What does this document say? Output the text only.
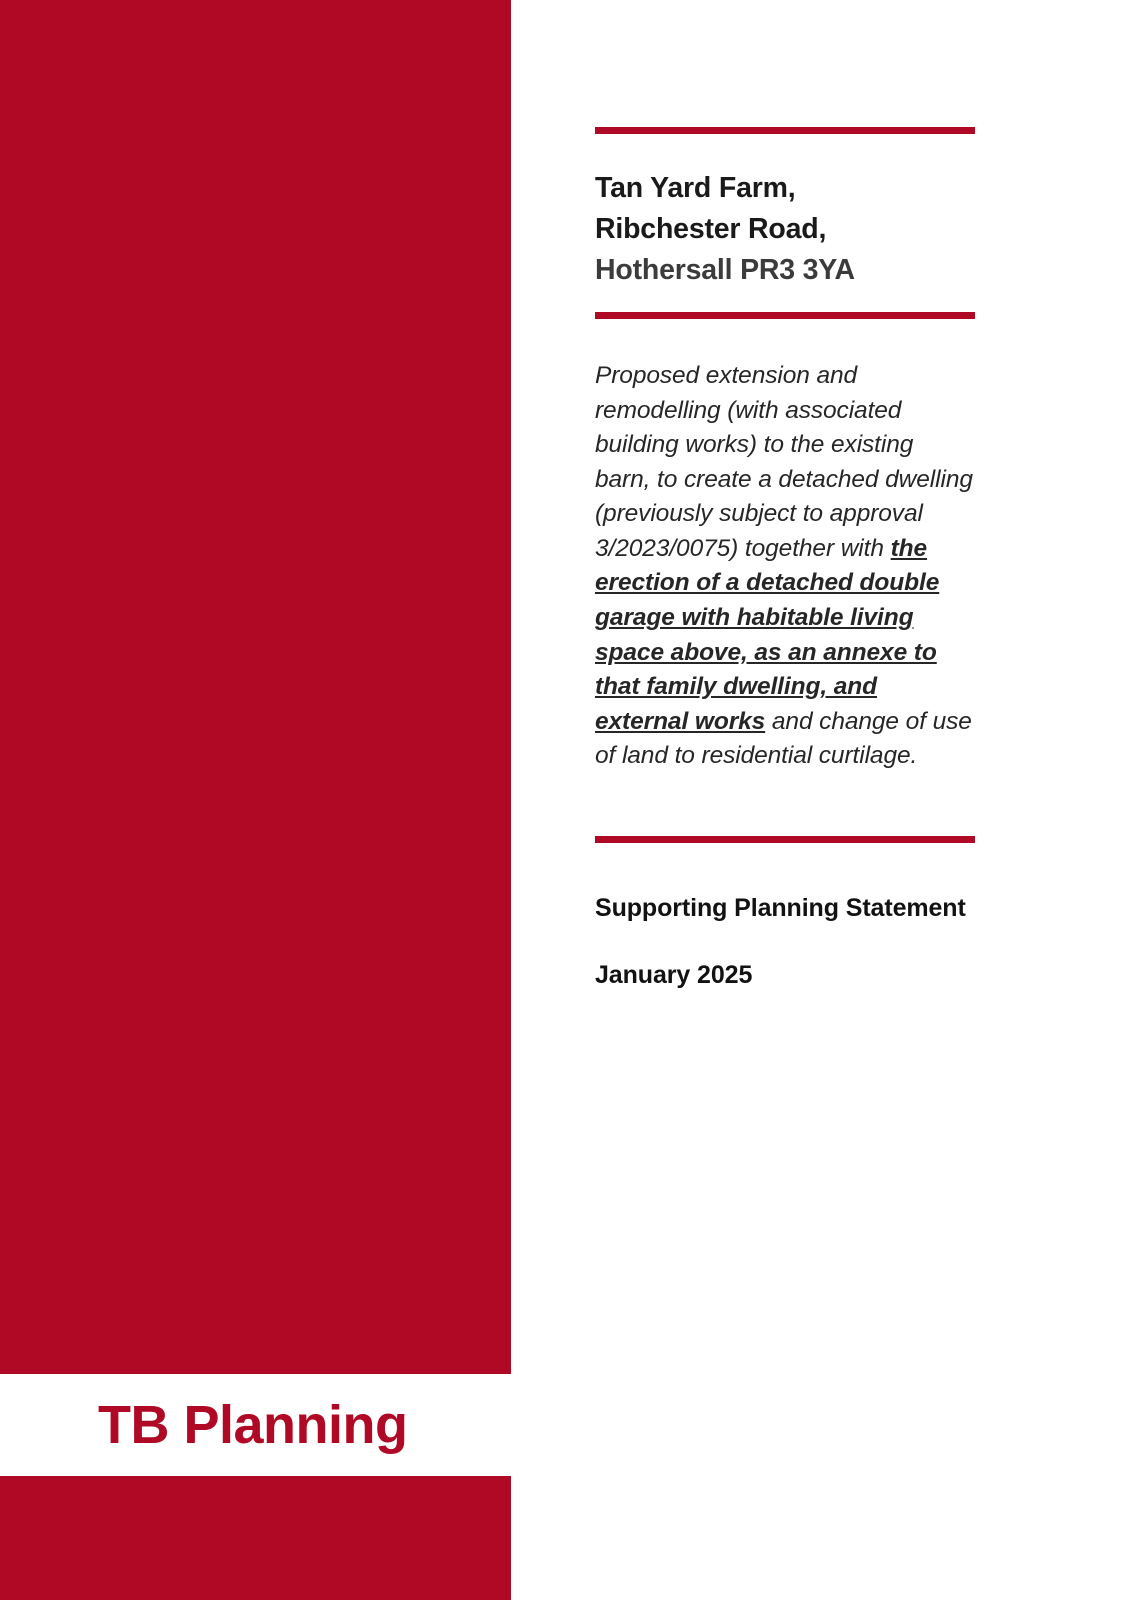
TB Planning
Tan Yard Farm,
Ribchester Road,
Hothersall PR3 3YA
Proposed extension and remodelling (with associated building works) to the existing barn, to create a detached dwelling (previously subject to approval 3/2023/0075) together with the erection of a detached double garage with habitable living space above, as an annexe to that family dwelling, and external works and change of use of land to residential curtilage.
Supporting Planning Statement
January 2025
